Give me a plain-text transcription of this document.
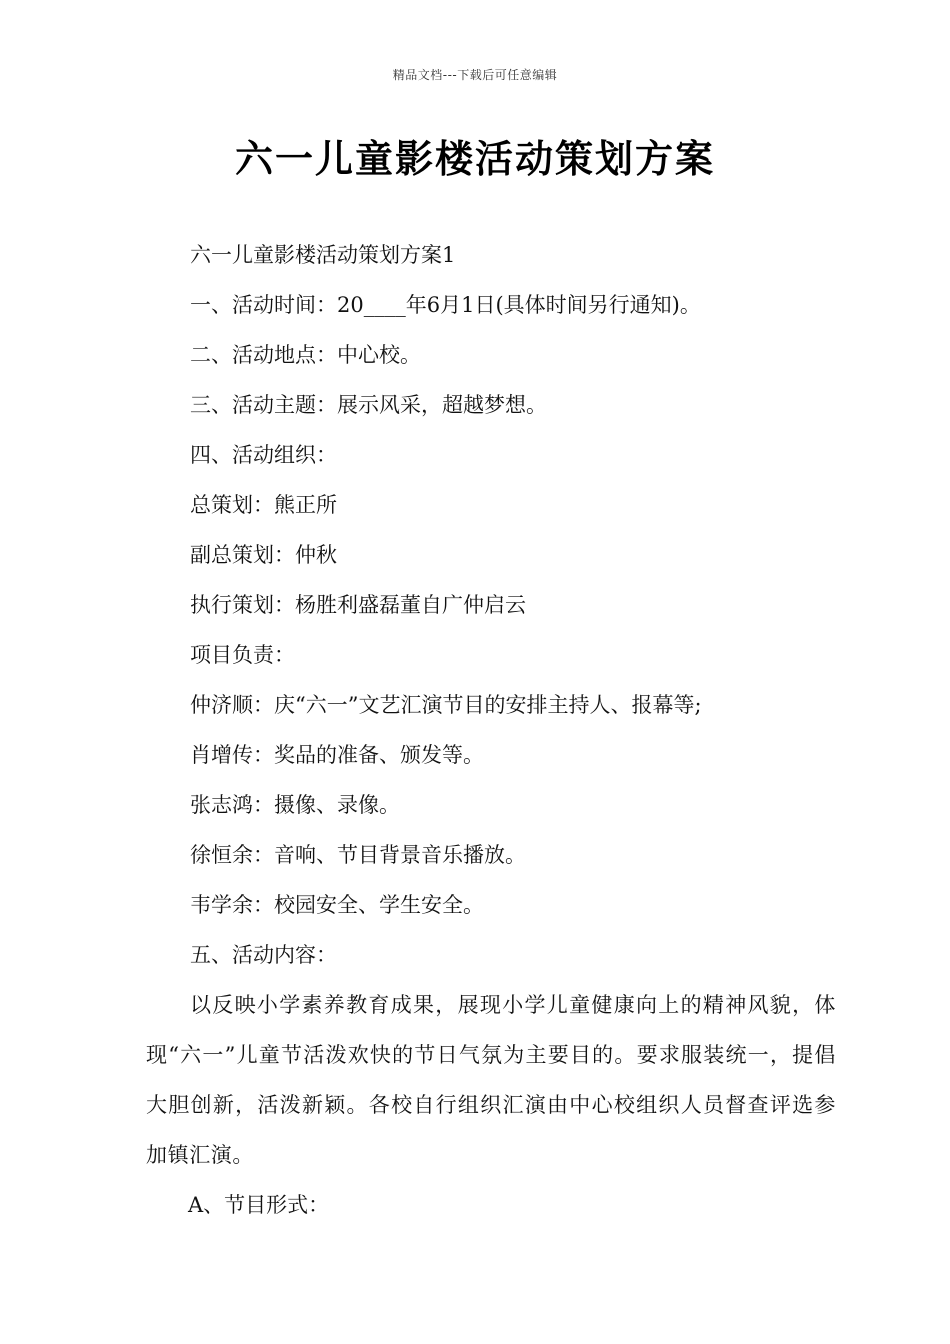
精品文档---下载后可任意编辑
六一儿童影楼活动策划方案

六一儿童影楼活动策划方案1

一、活动时间：20____年6月1日(具体时间另行通知)。

二、活动地点：中心校。

三、活动主题：展示风采，超越梦想。

四、活动组织：

总策划：熊正所

副总策划：仲秋

执行策划：杨胜利盛磊董自广仲启云

项目负责：

仲济顺：庆“六一”文艺汇演节目的安排主持人、报幕等;

肖增传：奖品的准备、颁发等。

张志鸿：摄像、录像。

徐恒余：音响、节目背景音乐播放。

韦学余：校园安全、学生安全。

五、活动内容：

以反映小学素养教育成果，展现小学儿童健康向上的精神风貌，体现“六一”儿童节活泼欢快的节日气氛为主要目的。要求服装统一，提倡大胆创新，活泼新颖。各校自行组织汇演由中心校组织人员督查评选参加镇汇演。

A、节目形式：
